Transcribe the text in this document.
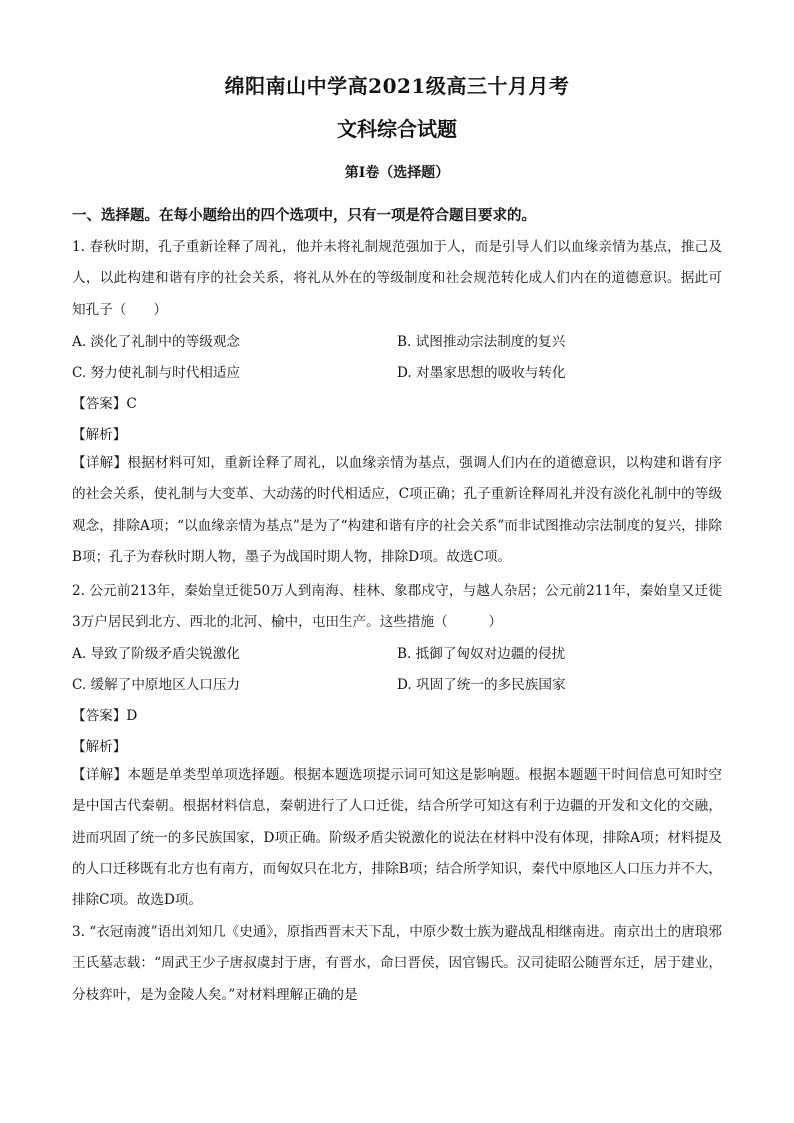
绵阳南山中学高2021级高三十月月考
文科综合试题
第Ⅰ卷（选择题）
一、选择题。在每小题给出的四个选项中，只有一项是符合题目要求的。
1. 春秋时期，孔子重新诠释了周礼，他并未将礼制规范强加于人，而是引导人们以血缘亲情为基点，推己及人，以此构建和谐有序的社会关系，将礼从外在的等级制度和社会规范转化成人们内在的道德意识。据此可知孔子（　　）
A. 淡化了礼制中的等级观念	B. 试图推动宗法制度的复兴
C. 努力使礼制与时代相适应	D. 对墨家思想的吸收与转化
【答案】C
【解析】
【详解】根据材料可知，重新诠释了周礼，以血缘亲情为基点，强调人们内在的道德意识，以构建和谐有序的社会关系，使礼制与大变革、大动荡的时代相适应，C项正确；孔子重新诠释周礼并没有淡化礼制中的等级观念，排除A项；“以血缘亲情为基点”是为了“构建和谐有序的社会关系”而非试图推动宗法制度的复兴，排除B项；孔子为春秋时期人物，墨子为战国时期人物，排除D项。故选C项。
2. 公元前213年，秦始皇迁徙50万人到南海、桂林、象郡戍守，与越人杂居；公元前211年，秦始皇又迁徙3万户居民到北方、西北的北河、榆中，屯田生产。这些措施（　　　）
A. 导致了阶级矛盾尖锐激化	B. 抵御了匈奴对边疆的侵扰
C. 缓解了中原地区人口压力	D. 巩固了统一的多民族国家
【答案】D
【解析】
【详解】本题是单类型单项选择题。根据本题选项提示词可知这是影响题。根据本题题干时间信息可知时空是中国古代秦朝。根据材料信息，秦朝进行了人口迁徙，结合所学可知这有利于边疆的开发和文化的交融，进而巩固了统一的多民族国家，D项正确。阶级矛盾尖锐激化的说法在材料中没有体现，排除A项；材料提及的人口迁移既有北方也有南方，而匈奴只在北方，排除B项；结合所学知识，秦代中原地区人口压力并不大，排除C项。故选D项。
3. “衣冠南渡”语出刘知几《史通》，原指西晋末天下乱，中原少数士族为避战乱相继南进。南京出土的唐琅邪王氏墓志载：“周武王少子唐叔虞封于唐，有晋水，命曰晋侯，因官锡氏。汉司徒昭公随晋东迁，居于建业，分枝弈叶，是为金陵人矣。”对材料理解正确的是
